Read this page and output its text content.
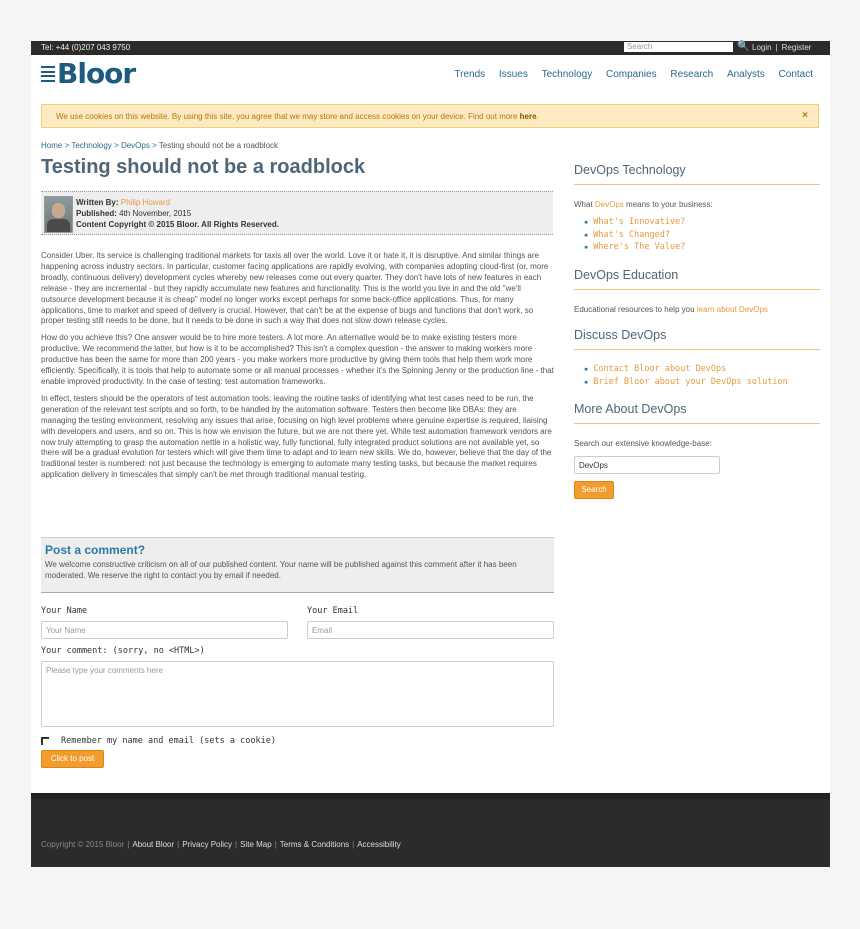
Tel: +44 (0)207 043 9750	Search	🔍 Login | Register
Bloor	Trends Issues Technology Companies Research Analysts Contact
We use cookies on this website. By using this site, you agree that we may store and access cookies on your device. Find out more here.	×
Home > Technology > DevOps > Testing should not be a roadblock
Testing should not be a roadblock
Written By: Philip Howard
Published: 4th November, 2015
Content Copyright © 2015 Bloor. All Rights Reserved.

Consider Uber. Its service is challenging traditional markets for taxis all over the world. Love it or hate it, it is disruptive. And similar things are happening across industry sectors. In particular, customer facing applications are rapidly evolving, with companies adopting cloud-first (or, more broadly, continuous delivery) development cycles whereby new releases come out every quarter. They don't have lots of new features in each release - they are incremental - but they rapidly accumulate new features and functionality. This is the world you live in and the old "we'll outsource development because it is cheap" model no longer works except perhaps for some back-office applications. Thus, for many applications, time to market and speed of delivery is crucial. However, that can't be at the expense of bugs and functions that don't work, so proper testing still needs to be done, but it needs to be done in such a way that does not slow down release cycles.

How do you achieve this? One answer would be to hire more testers. A lot more. An alternative would be to make existing testers more productive. We recommend the latter, but how is it to be accomplished? This isn't a complex question - the answer to making workers more productive has been the same for more than 200 years - you make workers more productive by giving them tools that help them work more efficiently. Specifically, it is tools that help to automate some or all manual processes - whether it's the Spinning Jenny or the production line - that enable improved productivity. In the case of testing: test automation frameworks.

In effect, testers should be the operators of test automation tools: leaving the routine tasks of identifying what test cases need to be run, the generation of the relevant test scripts and so forth, to be handled by the automation software. Testers then become like DBAs: they are managing the testing environment, resolving any issues that arise, focusing on high level problems where genuine expertise is required, liaising with developers and users, and so on. This is how we envision the future, but we are not there yet. While test automation framework vendors are now truly attempting to grasp the automation nettle in a holistic way, fully functional, fully integrated product solutions are not available yet, so there will be a gradual evolution for testers which will give them time to adapt and to learn new skills. We do, however, believe that the day of the traditional tester is numbered: not just because the technology is emerging to automate many testing tasks, but because the market requires application delivery in timescales that simply can't be met through traditional manual testing.

Post a comment?

We welcome constructive criticism on all of our published content. Your name will be published against this comment after it has been moderated. We reserve the right to contact you by email if needed.

Your Name	Your Email
Your Name	Email
Your comment: (sorry, no <HTML>)
Please type your comments here
Remember my name and email (sets a cookie)
Click to post
DevOps Technology
What DevOps means to your business:
▪ What's Innovative?
▪ What's Changed?
▪ Where's The Value?
DevOps Education
Educational resources to help you learn about DevOps
Discuss DevOps
▪ Contact Bloor about DevOps
▪ Brief Bloor about your DevOps solution
More About DevOps
Search our extensive knowledge-base:
DevOps
Search
Copyright © 2015 Bloor | About Bloor | Privacy Policy | Site Map | Terms & Conditions | Accessibility
